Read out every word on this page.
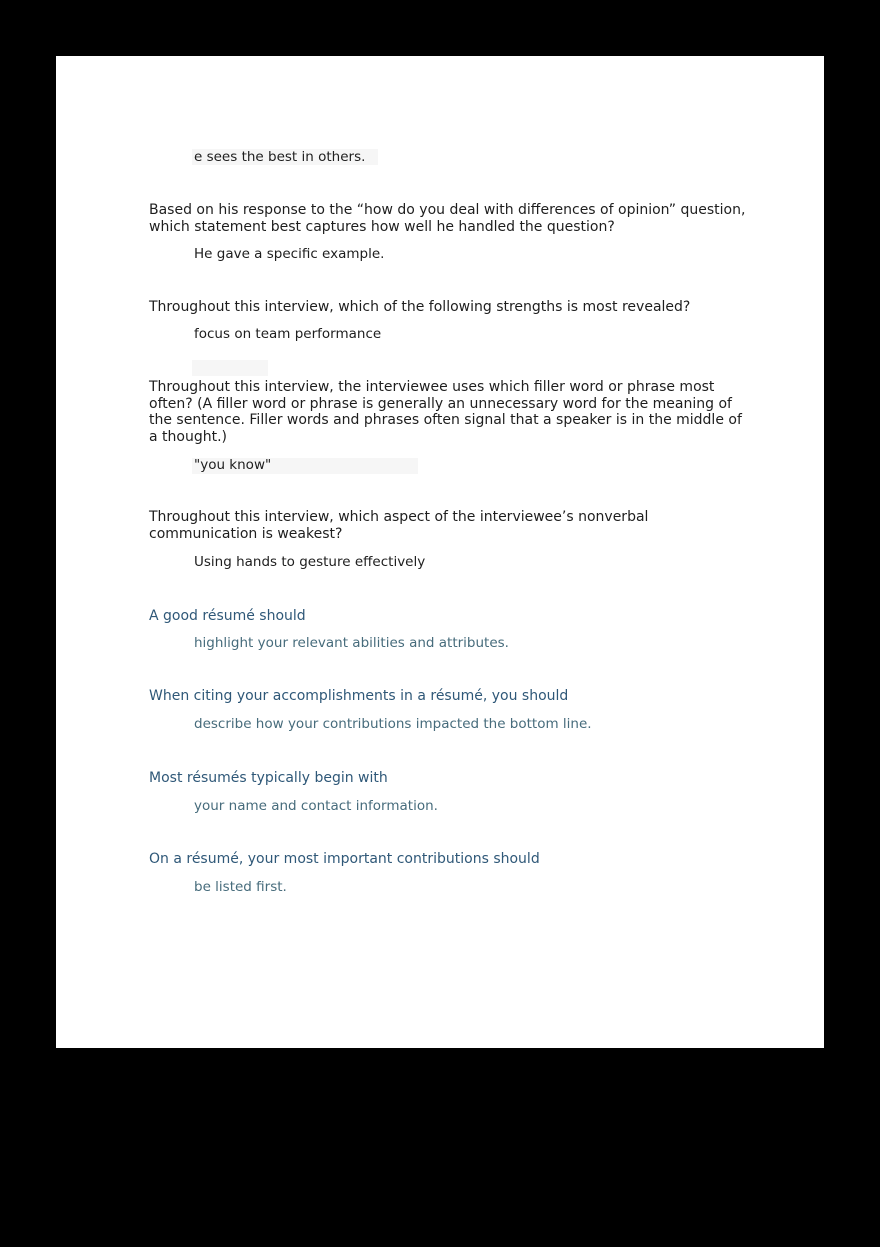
e sees the best in others.

Based on his response to the “how do you deal with differences of opinion” question, which statement best captures how well he handled the question?

He gave a specific example.

Throughout this interview, which of the following strengths is most revealed?

focus on team performance

Throughout this interview, the interviewee uses which filler word or phrase most often? (A filler word or phrase is generally an unnecessary word for the meaning of the sentence. Filler words and phrases often signal that a speaker is in the middle of a thought.)

"you know"

Throughout this interview, which aspect of the interviewee’s nonverbal communication is weakest?

Using hands to gesture effectively

A good résumé should

highlight your relevant abilities and attributes.

When citing your accomplishments in a résumé, you should

describe how your contributions impacted the bottom line.

Most résumés typically begin with

your name and contact information.

On a résumé, your most important contributions should

be listed first.
